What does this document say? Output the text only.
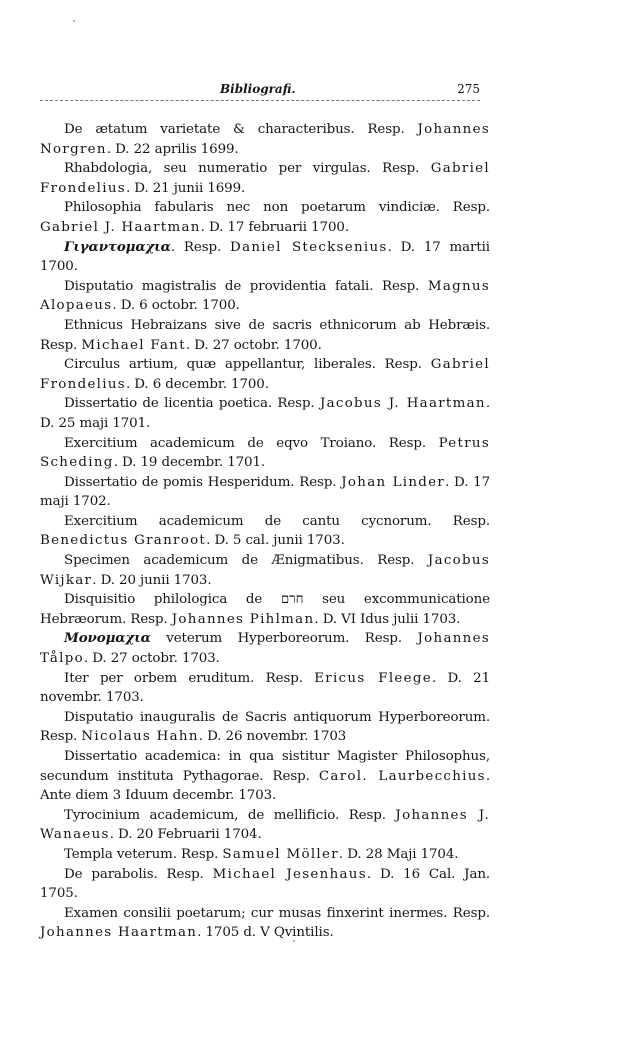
Bibliografi.	275

De ætatum varietate & characteribus. Resp. Johannes Norgren. D. 22 aprilis 1699.

Rhabdologia, seu numeratio per virgulas. Resp. Gabriel Frondelius. D. 21 junii 1699.

Philosophia fabularis nec non poetarum vindiciæ. Resp. Gabriel J. Haartman. D. 17 februarii 1700.

Γιγαντομαχια. Resp. Daniel Stecksenius. D. 17 martii 1700.

Disputatio magistralis de providentia fatali. Resp. Magnus Alopaeus. D. 6 octobr. 1700.

Ethnicus Hebraizans sive de sacris ethnicorum ab Hebræis. Resp. Michael Fant. D. 27 octobr. 1700.

Circulus artium, quæ appellantur, liberales. Resp. Gabriel Frondelius. D. 6 decembr. 1700.

Dissertatio de licentia poetica. Resp. Jacobus J. Haartman. D. 25 maji 1701.

Exercitium academicum de eqvo Troiano. Resp. Petrus Scheding. D. 19 decembr. 1701.

Dissertatio de pomis Hesperidum. Resp. Johan Linder. D. 17 maji 1702.

Exercitium academicum de cantu cycnorum. Resp. Benedictus Granroot. D. 5 cal. junii 1703.

Specimen academicum de Ænigmatibus. Resp. Jacobus Wijkar. D. 20 junii 1703.

Disquisitio philologica de חרם seu excommunicatione Hebræorum. Resp. Johannes Pihlman. D. VI Idus julii 1703.

Μονομαχια veterum Hyperboreorum. Resp. Johannes Tålpo. D. 27 octobr. 1703.

Iter per orbem eruditum. Resp. Ericus Fleege. D. 21 novembr. 1703.

Disputatio inauguralis de Sacris antiquorum Hyperboreorum. Resp. Nicolaus Hahn. D. 26 novembr. 1703

Dissertatio academica: in qua sistitur Magister Philosophus, secundum instituta Pythagorae. Resp. Carol. Laurbecchius. Ante diem 3 Iduum decembr. 1703.

Tyrocinium academicum, de mellificio. Resp. Johannes J. Wanaeus. D. 20 Februarii 1704.

Templa veterum. Resp. Samuel Möller. D. 28 Maji 1704.

De parabolis. Resp. Michael Jesenhaus. D. 16 Cal. Jan. 1705.

Examen consilii poetarum; cur musas finxerint inermes. Resp. Johannes Haartman. 1705 d. V Qvintilis.
